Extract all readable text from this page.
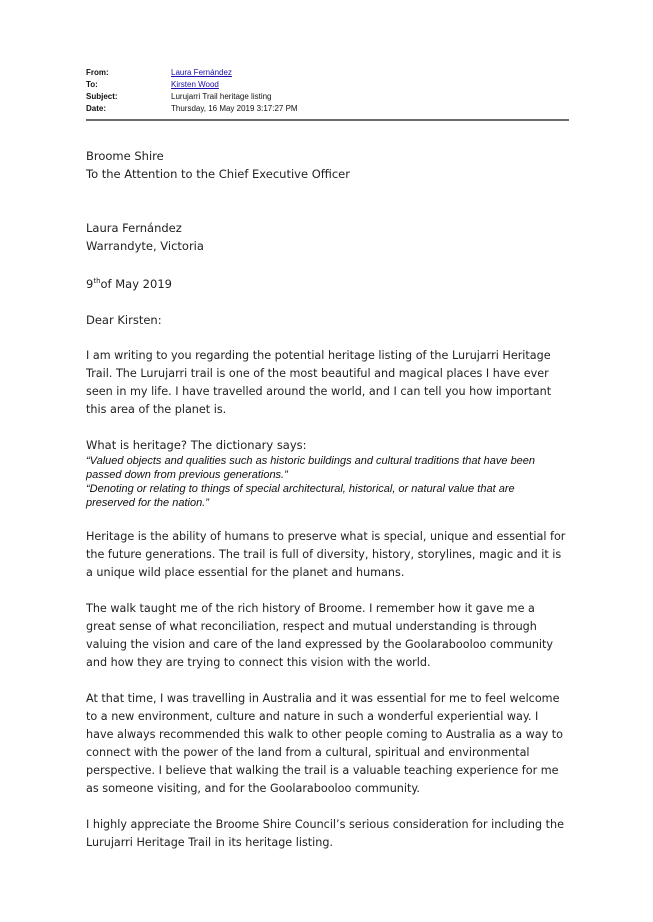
From:	Laura Fernández
To:	Kirsten Wood
Subject:	Lurujarri Trail heritage listing
Date:	Thursday, 16 May 2019 3:17:27 PM
Broome Shire
To the Attention to the Chief Executive Officer
Laura Fernández
Warrandyte, Victoria
9thof May 2019
Dear Kirsten:

I am writing to you regarding the potential heritage listing of the Lurujarri Heritage Trail. The Lurujarri trail is one of the most beautiful and magical places I have ever seen in my life. I have travelled around the world, and I can tell you how important this area of the planet is.

What is heritage? The dictionary says:

“Valued objects and qualities such as historic buildings and cultural traditions that have been passed down from previous generations.”

“Denoting or relating to things of special architectural, historical, or natural value that are preserved for the nation.”

Heritage is the ability of humans to preserve what is special, unique and essential for the future generations. The trail is full of diversity, history, storylines, magic and it is a unique wild place essential for the planet and humans.

The walk taught me of the rich history of Broome. I remember how it gave me a great sense of what reconciliation, respect and mutual understanding is through valuing the vision and care of the land expressed by the Goolarabooloo community and how they are trying to connect this vision with the world.

At that time, I was travelling in Australia and it was essential for me to feel welcome to a new environment, culture and nature in such a wonderful experiential way. I have always recommended this walk to other people coming to Australia as a way to connect with the power of the land from a cultural, spiritual and environmental perspective. I believe that walking the trail is a valuable teaching experience for me as someone visiting, and for the Goolarabooloo community.

I highly appreciate the Broome Shire Council’s serious consideration for including the Lurujarri Heritage Trail in its heritage listing.
